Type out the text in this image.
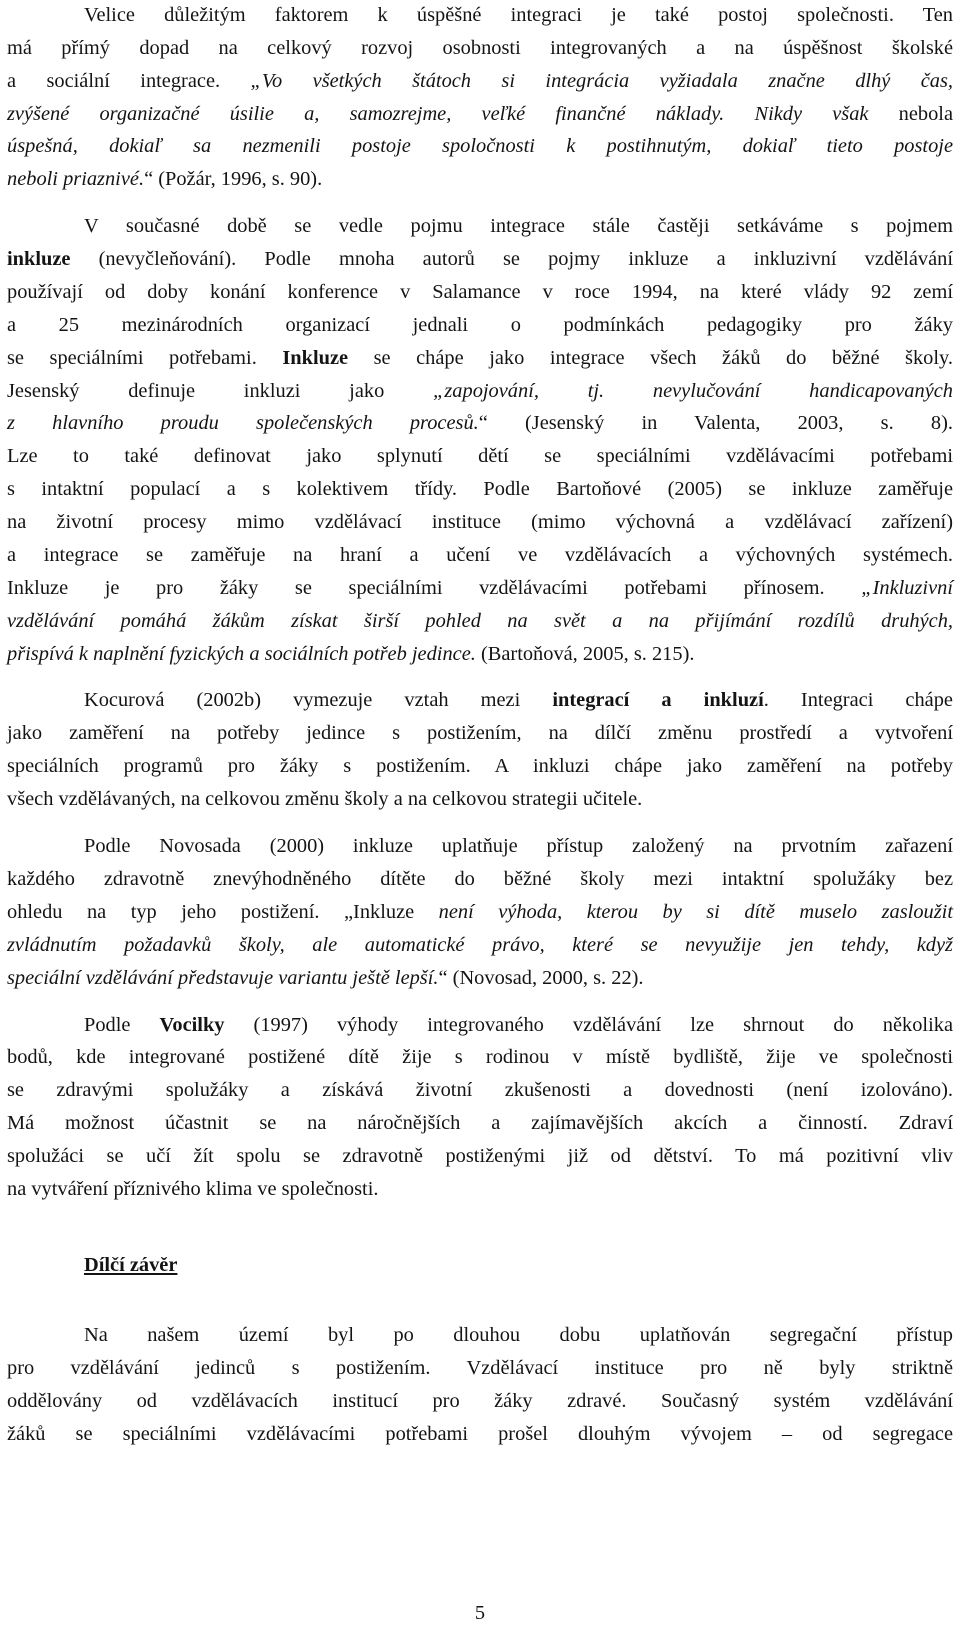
Velice důležitým faktorem k úspěšné integraci je také postoj společnosti. Ten
má přímý dopad na celkový rozvoj osobnosti integrovaných a na úspěšnost školské
a sociální integrace. „Vo všetkých štátoch si integrácia vyžiadala značne dlhý čas,
zvýšené organizačné úsilie a, samozrejme, veľké finančné náklady. Nikdy však nebola
úspešná, dokiaľ sa nezmenili postoje spoločnosti k postihnutým, dokiaľ tieto postoje
neboli priaznivé.“ (Požár, 1996, s. 90).
V současné době se vedle pojmu integrace stále častěji setkáváme s pojmem
inkluze (nevyčleňování). Podle mnoha autorů se pojmy inkluze a inkluzivní vzdělávání
používají od doby konání konference v Salamance v roce 1994, na které vlády 92 zemí
a 25 mezinárodních organizací jednali o podmínkách pedagogiky pro žáky
se speciálními potřebami. Inkluze se chápe jako integrace všech žáků do běžné školy.
Jesenský definuje inkluzi jako „zapojování, tj. nevylučování handicapovaných
z hlavního proudu společenských procesů.“ (Jesenský in Valenta, 2003, s. 8).
Lze to také definovat jako splynutí dětí se speciálními vzdělávacími potřebami
s intaktní populací a s kolektivem třídy. Podle Bartoňové (2005) se inkluze zaměřuje
na životní procesy mimo vzdělávací instituce (mimo výchovná a vzdělávací zařízení)
a integrace se zaměřuje na hraní a učení ve vzdělávacích a výchovných systémech.
Inkluze je pro žáky se speciálními vzdělávacími potřebami přínosem. „Inkluzivní
vzdělávání pomáhá žákům získat širší pohled na svět a na přijímání rozdílů druhých,
přispívá k naplnění fyzických a sociálních potřeb jedince. (Bartoňová, 2005, s. 215).
Kocurová (2002b) vymezuje vztah mezi integrací a inkluzí. Integraci chápe
jako zaměření na potřeby jedince s postižením, na dílčí změnu prostředí a vytvoření
speciálních programů pro žáky s postižením. A inkluzi chápe jako zaměření na potřeby
všech vzdělávaných, na celkovou změnu školy a na celkovou strategii učitele.
Podle Novosada (2000) inkluze uplatňuje přístup založený na prvotním zařazení
každého zdravotně znevýhodněného dítěte do běžné školy mezi intaktní spolužáky bez
ohledu na typ jeho postižení. „Inkluze není výhoda, kterou by si dítě muselo zasloužit
zvládnutím požadavků školy, ale automatické právo, které se nevyužije jen tehdy, když
speciální vzdělávání představuje variantu ještě lepší.“ (Novosad, 2000, s. 22).
Podle Vocilky (1997) výhody integrovaného vzdělávání lze shrnout do několika
bodů, kde integrované postižené dítě žije s rodinou v místě bydliště, žije ve společnosti
se zdravými spolužáky a získává životní zkušenosti a dovednosti (není izolováno).
Má možnost účastnit se na náročnějších a zajímavějších akcích a činností. Zdraví
spolužáci se učí žít spolu se zdravotně postiženými již od dětství. To má pozitivní vliv
na vytváření příznivého klima ve společnosti.
Na našem území byl po dlouhou dobu uplatňován segregační přístup
pro vzdělávání jedinců s postižením. Vzdělávací instituce pro ně byly striktně
oddělovány od vzdělávacích institucí pro žáky zdravé. Současný systém vzdělávání
žáků se speciálními vzdělávacími potřebami prošel dlouhým vývojem – od segregace
Dílčí závěr
5
